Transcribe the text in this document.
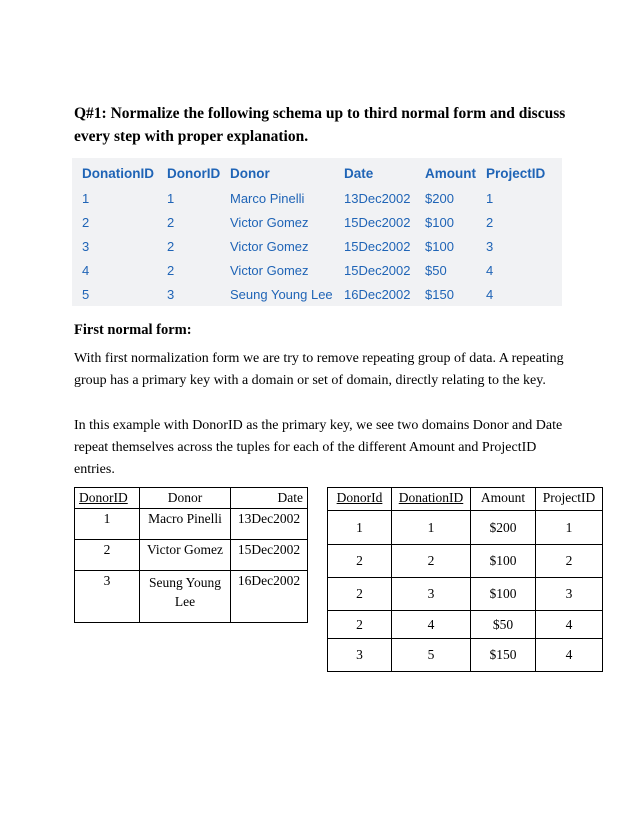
Q#1: Normalize the following schema up to third normal form and discuss every step with proper explanation.
DonationID DonorID Donor	Date	Amount ProjectID
1	1	Marco Pinelli	13Dec2002 $200 1
2	2	Victor Gomez	15Dec2002 $100 2
3	2	Victor Gomez	15Dec2002 $100 3
4	2	Victor Gomez	15Dec2002 $50	4
5	3	Seung Young Lee 16Dec2002 $150 4
First normal form:
With first normalization form we are try to remove repeating group of data. A repeating group has a primary key with a domain or set of domain, directly relating to the key.
In this example with DonorID as the primary key, we see two domains Donor and Date repeat themselves across the tuples for each of the different Amount and ProjectID entries.
DonorID	Donor	Date
1	Macro Pinelli	13Dec2002
2	Victor Gomez	15Dec2002
3	Seung Young Lee	16Dec2002
DonorId	DonationID	Amount	ProjectID
1	1	$200	1
2	2	$100	2
2	3	$100	3
2	4	$50	4
3	5	$150	4
